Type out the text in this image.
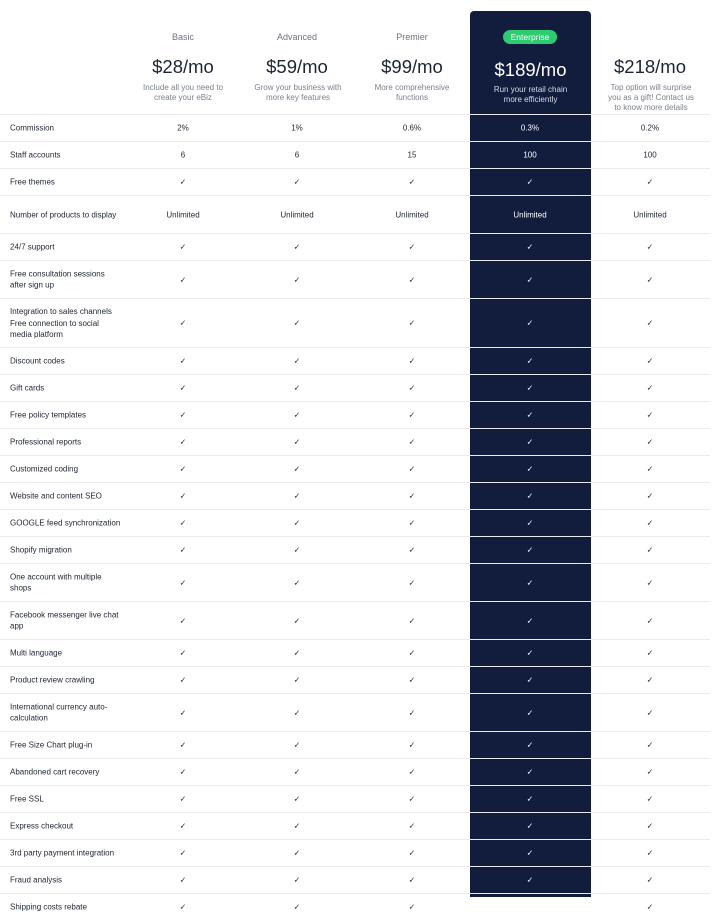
Basic
$28/mo
Include all you need to create your eBiz
Advanced
$59/mo
Grow your business with more key features
Premier
$99/mo
More comprehensive functions
Enterprise
$189/mo
Run your retail chain more efficiently
$218/mo
Top option will surprise you as a gift! Contact us to know more details
Commission	2%	1%	0.6%	0.3%	0.2%
Staff accounts	6	6	15	100	100
Free themes	✓	✓	✓	✓	✓
Number of products to display	Unlimited	Unlimited	Unlimited	Unlimited	Unlimited
24/7 support	✓	✓	✓	✓	✓
Free consultation sessions after sign up
✓	✓	✓	✓	✓
Integration to sales channels Free connection to social media platform
✓	✓	✓	✓	✓
Discount codes	✓	✓	✓	✓	✓
Gift cards	✓	✓	✓	✓	✓
Free policy templates	✓	✓	✓	✓	✓
Professional reports	✓	✓	✓	✓	✓
Customized coding	✓	✓	✓	✓	✓
Website and content SEO	✓	✓	✓	✓	✓
GOOGLE feed synchronization	✓	✓	✓	✓	✓
Shopify migration	✓	✓	✓	✓	✓
One account with multiple shops
✓	✓	✓	✓	✓
Facebook messenger live chat app
✓	✓	✓	✓	✓
Multi language	✓	✓	✓	✓	✓
Product review crawling	✓	✓	✓	✓	✓
International currency auto-calculation
✓	✓	✓	✓	✓
Free Size Chart plug-in	✓	✓	✓	✓	✓
Abandoned cart recovery	✓	✓	✓	✓	✓
Free SSL	✓	✓	✓	✓	✓
Express checkout	✓	✓	✓	✓	✓
3rd party payment integration	✓	✓	✓	✓	✓
Fraud analysis	✓	✓	✓	✓	✓
Shipping costs rebate	✓	✓	✓	✓	✓
